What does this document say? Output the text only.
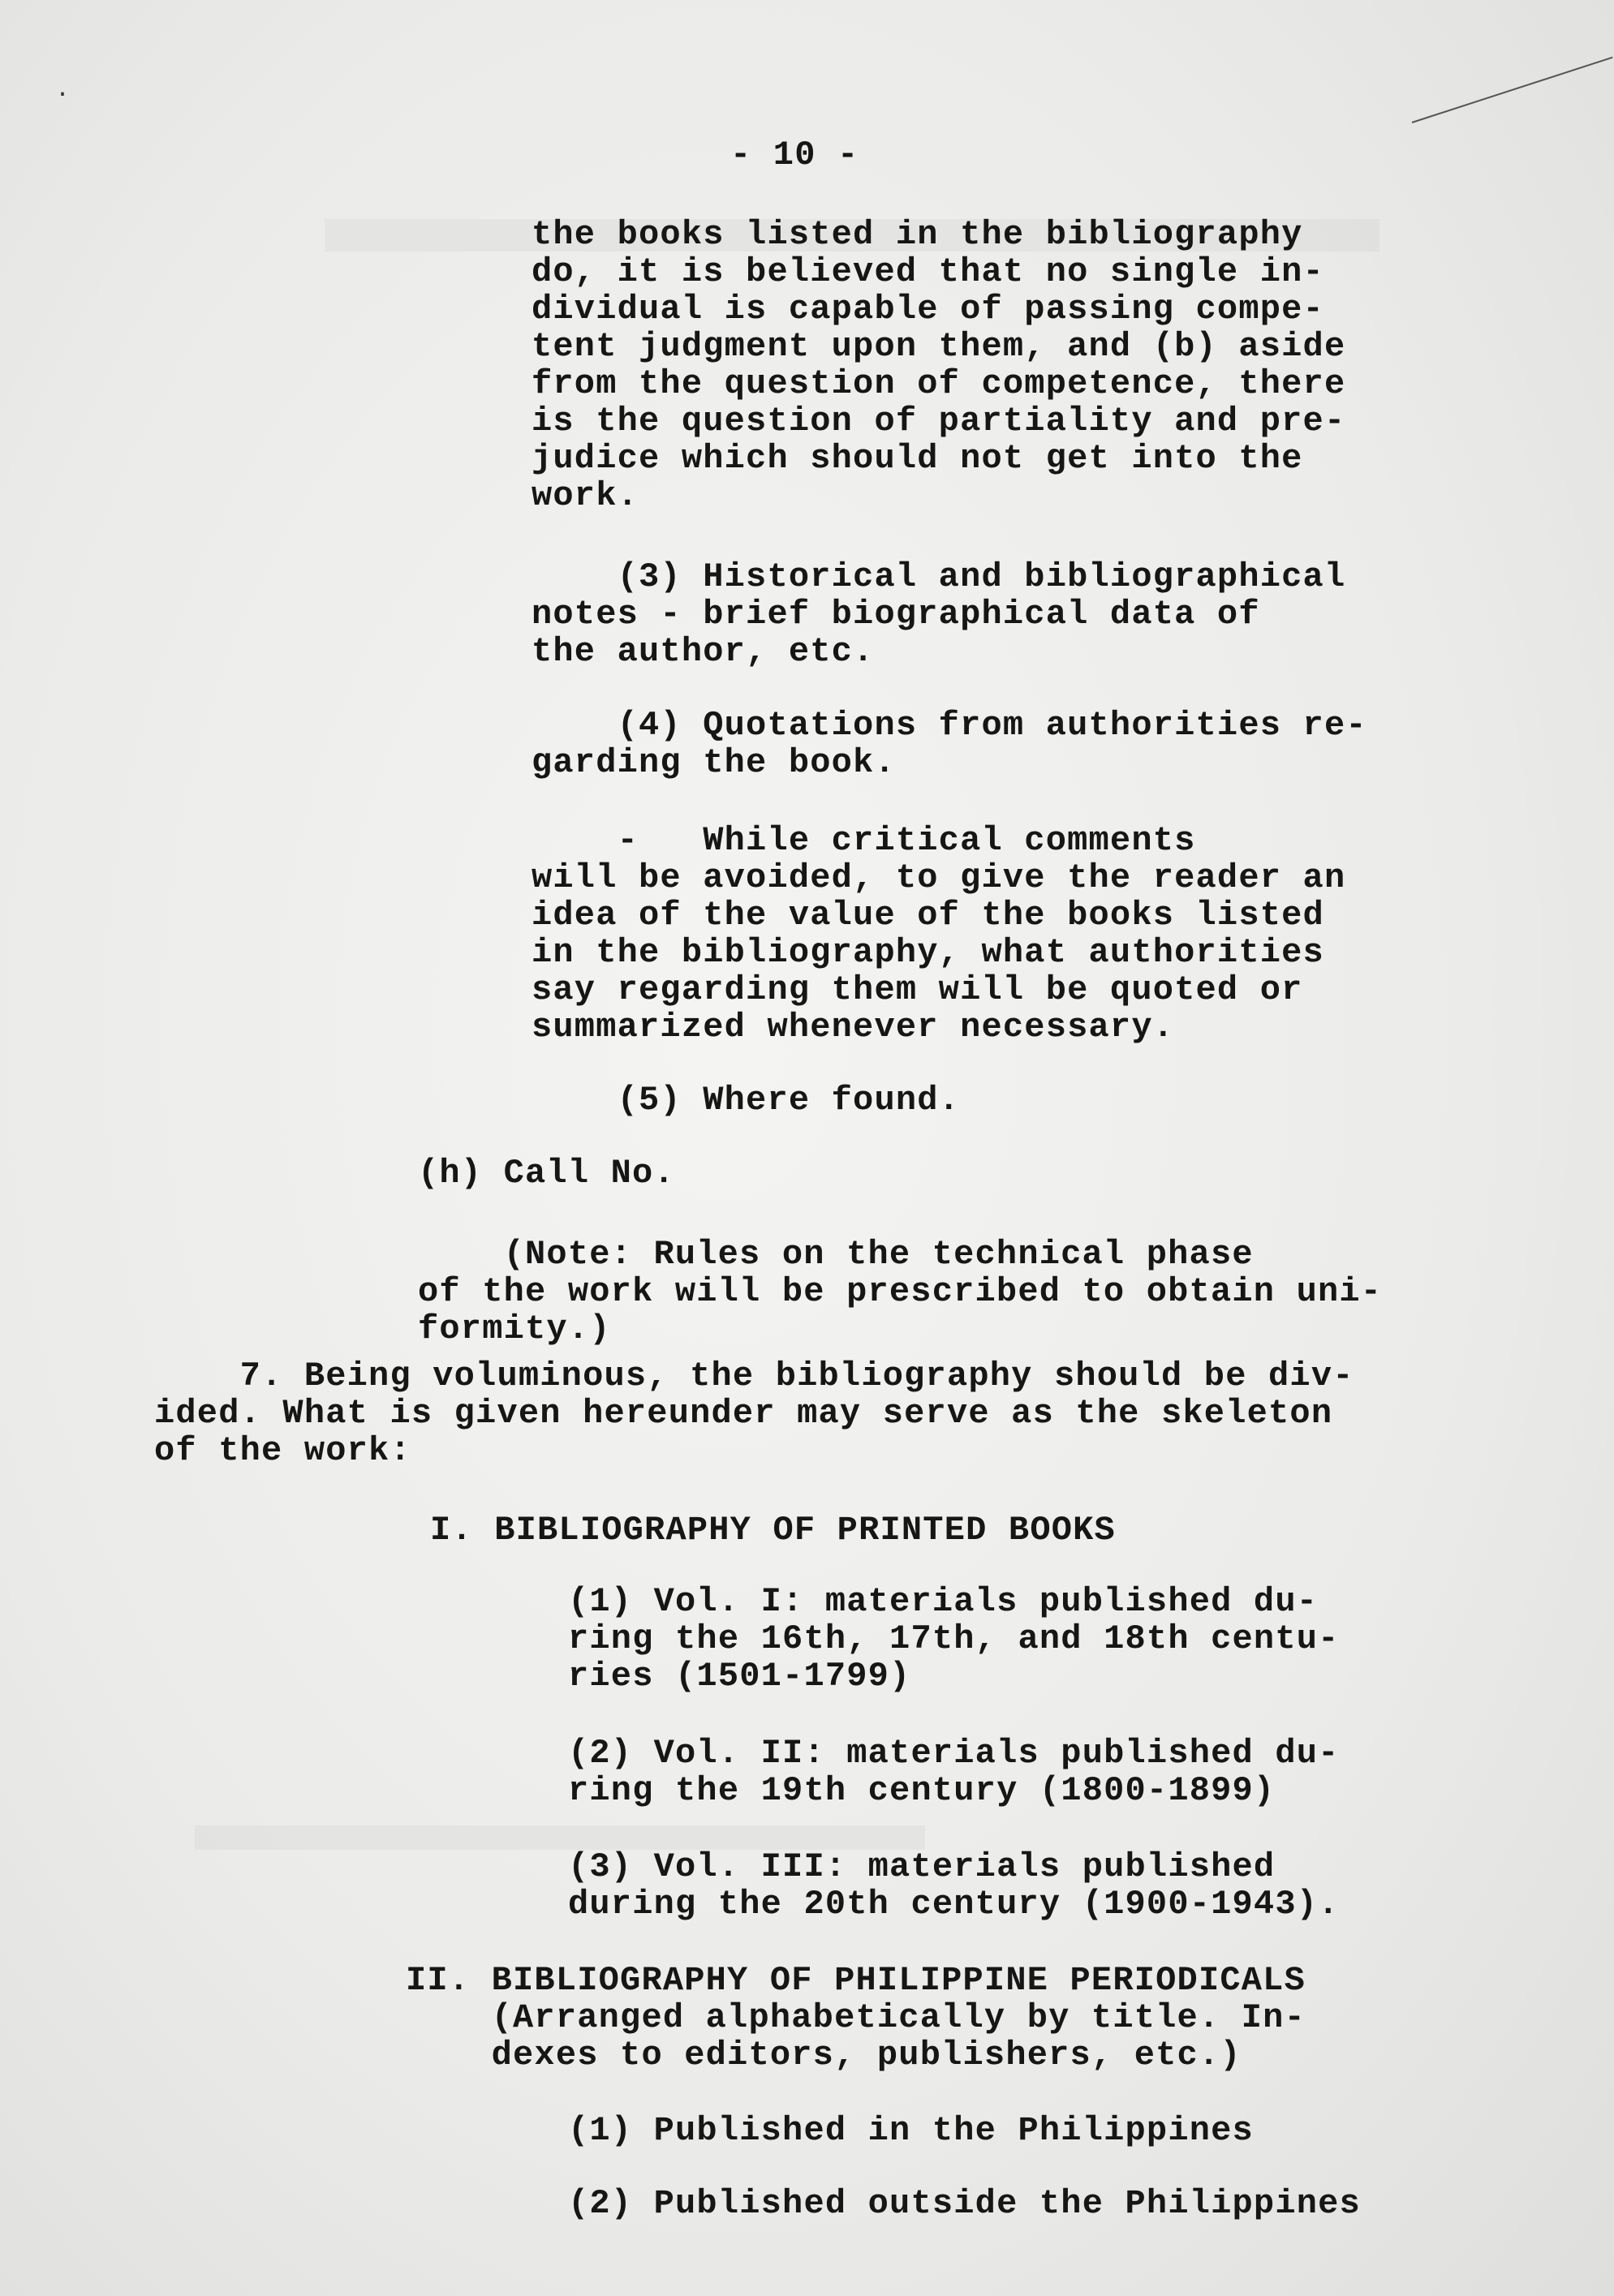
·
- 10 -
the books listed in the bibliography
do, it is believed that no single in-
dividual is capable of passing compe-
tent judgment upon them, and (b) aside
from the question of competence, there
is the question of partiality and pre-
judice which should not get into the
work.
(3) Historical and bibliographical
notes - brief biographical data of
the author, etc.
(4) Quotations from authorities re-
garding the book.
-   While critical comments
will be avoided, to give the reader an
idea of the value of the books listed
in the bibliography, what authorities
say regarding them will be quoted or
summarized whenever necessary.
(5) Where found.
(h) Call No.
(Note: Rules on the technical phase
of the work will be prescribed to obtain uni-
formity.)
7. Being voluminous, the bibliography should be div-
ided. What is given hereunder may serve as the skeleton
of the work:
I. BIBLIOGRAPHY OF PRINTED BOOKS
(1) Vol. I: materials published du-
ring the 16th, 17th, and 18th centu-
ries (1501-1799)
(2) Vol. II: materials published du-
ring the 19th century (1800-1899)
(3) Vol. III: materials published
during the 20th century (1900-1943).
II. BIBLIOGRAPHY OF PHILIPPINE PERIODICALS
(Arranged alphabetically by title. In-
dexes to editors, publishers, etc.)
(1) Published in the Philippines
(2) Published outside the Philippines
